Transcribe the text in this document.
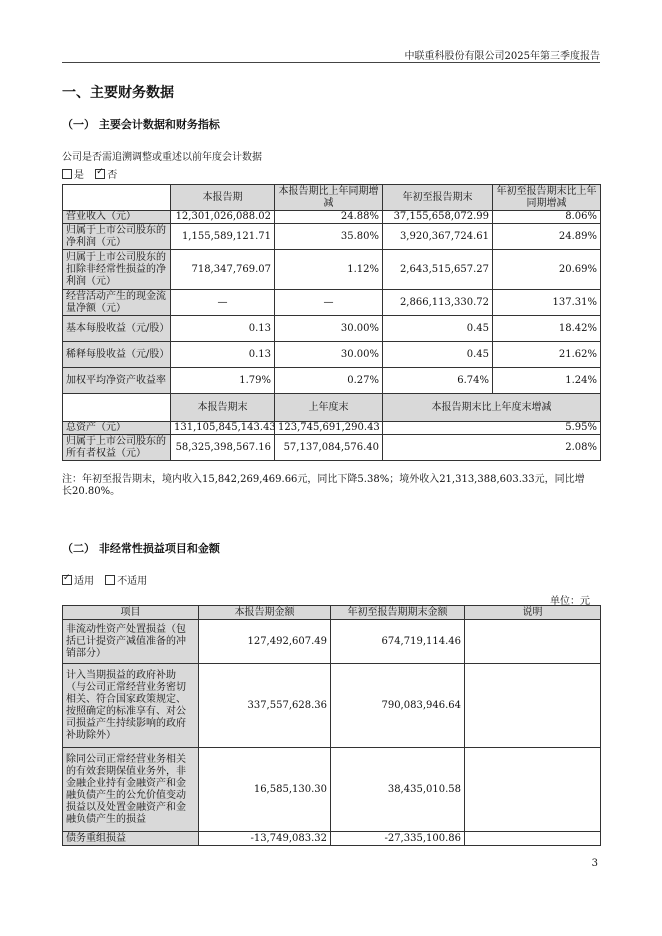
中联重科股份有限公司2025年第三季度报告
一、主要财务数据
（一） 主要会计数据和财务指标
公司是否需追溯调整或重述以前年度会计数据
是 ✓ 否
	本报告期	本报告期比上年同期增减	年初至报告期末	年初至报告期末比上年同期增减
营业收入（元）	12,301,026,088.02	24.88%	37,155,658,072.99	8.06%
归属于上市公司股东的净利润（元）	1,155,589,121.71	35.80%	3,920,367,724.61	24.89%
归属于上市公司股东的扣除非经常性损益的净利润（元）	718,347,769.07	1.12%	2,643,515,657.27	20.69%
经营活动产生的现金流量净额（元）	—	—	2,866,113,330.72	137.31%
基本每股收益（元/股）	0.13	30.00%	0.45	18.42%
稀释每股收益（元/股）	0.13	30.00%	0.45	21.62%
加权平均净资产收益率	1.79%	0.27%	6.74%	1.24%
	本报告期末	上年度末	本报告期末比上年度末增减	
总资产（元）	131,105,845,143.43	123,745,691,290.43	5.95%	
归属于上市公司股东的所有者权益（元）	58,325,398,567.16	57,137,084,576.40	2.08%	
注：年初至报告期末，境内收入15,842,269,469.66元，同比下降5.38%；境外收入21,313,388,603.33元，同比增长20.80%。
（二） 非经常性损益项目和金额
✓适用 不适用
单位：元
项目	本报告期金额	年初至报告期期末金额	说明
非流动性资产处置损益（包括已计提资产减值准备的冲销部分）	127,492,607.49	674,719,114.46	
计入当期损益的政府补助（与公司正常经营业务密切相关、符合国家政策规定、按照确定的标准享有、对公司损益产生持续影响的政府补助除外）	337,557,628.36	790,083,946.64	
除同公司正常经营业务相关的有效套期保值业务外，非金融企业持有金融资产和金融负债产生的公允价值变动损益以及处置金融资产和金融负债产生的损益	16,585,130.30	38,435,010.58	
债务重组损益	-13,749,083.32	-27,335,100.86	
3
